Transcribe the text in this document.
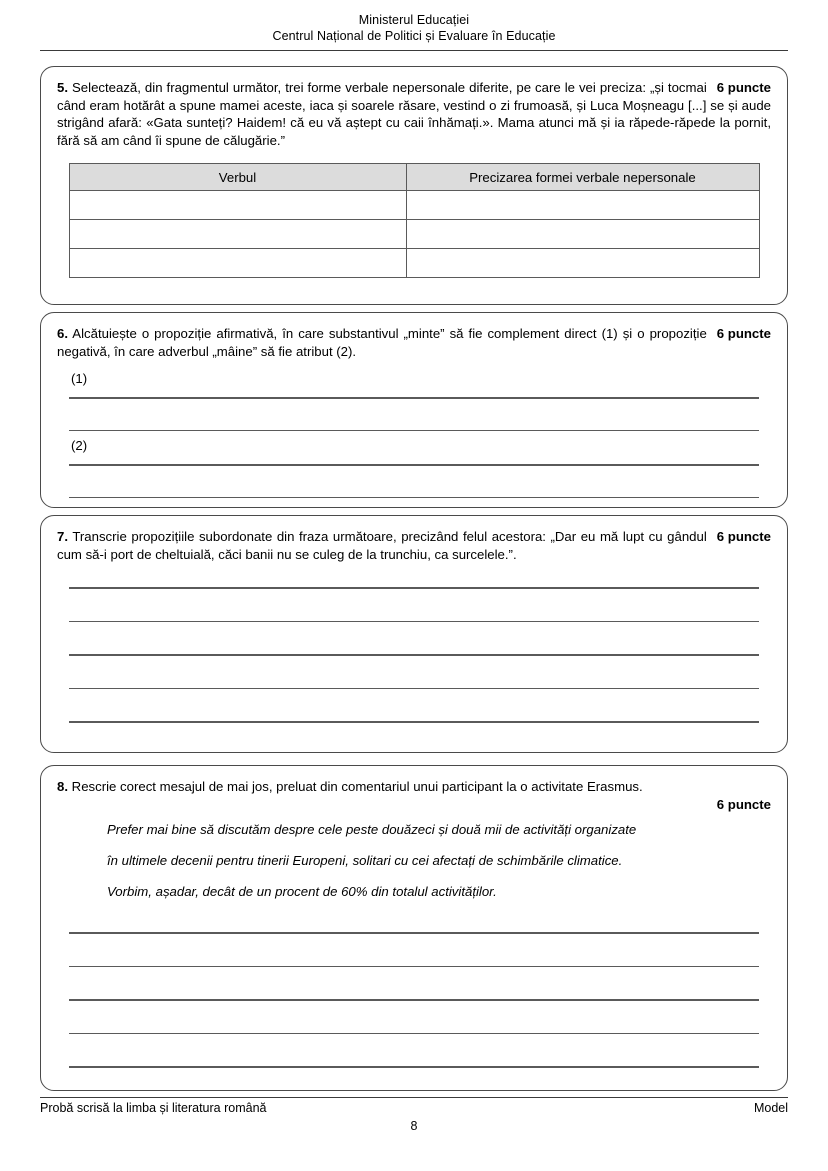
Ministerul Educației
Centrul Național de Politici și Evaluare în Educație

6 puncte
5. Selectează, din fragmentul următor, trei forme verbale nepersonale diferite, pe care le vei preciza: „și tocmai când eram hotărât a spune mamei aceste, iaca și soarele răsare, vestind o zi frumoasă, și Luca Moșneagu [...] se și aude strigând afară: «Gata sunteți? Haidem! că eu vă aștept cu caii înhămați.». Mama atunci mă și ia răpede-răpede la pornit, fără să am când îi spune de călugărie.”

Verbul	Precizarea formei verbale nepersonale

6 puncte
6. Alcătuiește o propoziție afirmativă, în care substantivul „minte” să fie complement direct (1) și o propoziție negativă, în care adverbul „mâine” să fie atribut (2).

(1)

(2)

6 puncte
7. Transcrie propozițiile subordonate din fraza următoare, precizând felul acestora: „Dar eu mă lupt cu gândul cum să-i port de cheltuială, căci banii nu se culeg de la trunchiu, ca surcelele.”.

8. Rescrie corect mesajul de mai jos, preluat din comentariul unui participant la o activitate Erasmus.

6 puncte

Prefer mai bine să discutăm despre cele peste douăzeci și două mii de activități organizate

în ultimele decenii pentru tinerii Europeni, solitari cu cei afectați de schimbările climatice.

Vorbim, așadar, decât de un procent de 60% din totalul activităților.

Probă scrisă la limba și literatura română	Model
8
